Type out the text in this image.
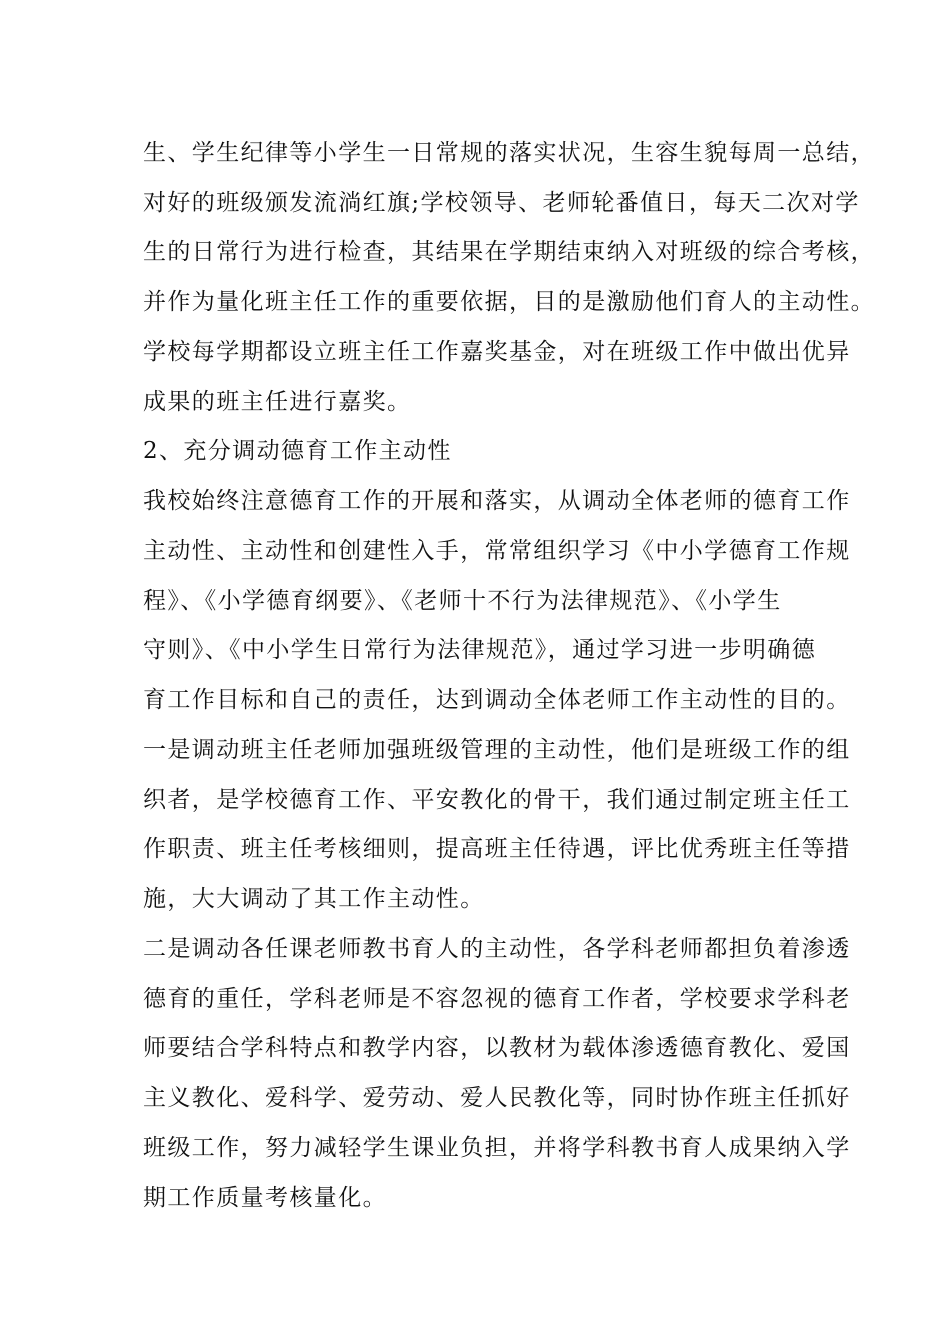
生、学生纪律等小学生一日常规的落实状况，生容生貌每周一总结，
对好的班级颁发流淌红旗;学校领导、老师轮番值日，每天二次对学
生的日常行为进行检查，其结果在学期结束纳入对班级的综合考核，
并作为量化班主任工作的重要依据，目的是激励他们育人的主动性。
学校每学期都设立班主任工作嘉奖基金，对在班级工作中做出优异
成果的班主任进行嘉奖。
2、充分调动德育工作主动性
我校始终注意德育工作的开展和落实，从调动全体老师的德育工作
主动性、主动性和创建性入手，常常组织学习《中小学德育工作规
程》、《小学德育纲要》、《老师十不行为法律规范》、《小学生
守则》、《中小学生日常行为法律规范》，通过学习进一步明确德
育工作目标和自己的责任，达到调动全体老师工作主动性的目的。
一是调动班主任老师加强班级管理的主动性，他们是班级工作的组
织者，是学校德育工作、平安教化的骨干，我们通过制定班主任工
作职责、班主任考核细则，提高班主任待遇，评比优秀班主任等措
施，大大调动了其工作主动性。
二是调动各任课老师教书育人的主动性，各学科老师都担负着渗透
德育的重任，学科老师是不容忽视的德育工作者，学校要求学科老
师要结合学科特点和教学内容，以教材为载体渗透德育教化、爱国
主义教化、爱科学、爱劳动、爱人民教化等，同时协作班主任抓好
班级工作，努力减轻学生课业负担，并将学科教书育人成果纳入学
期工作质量考核量化。
